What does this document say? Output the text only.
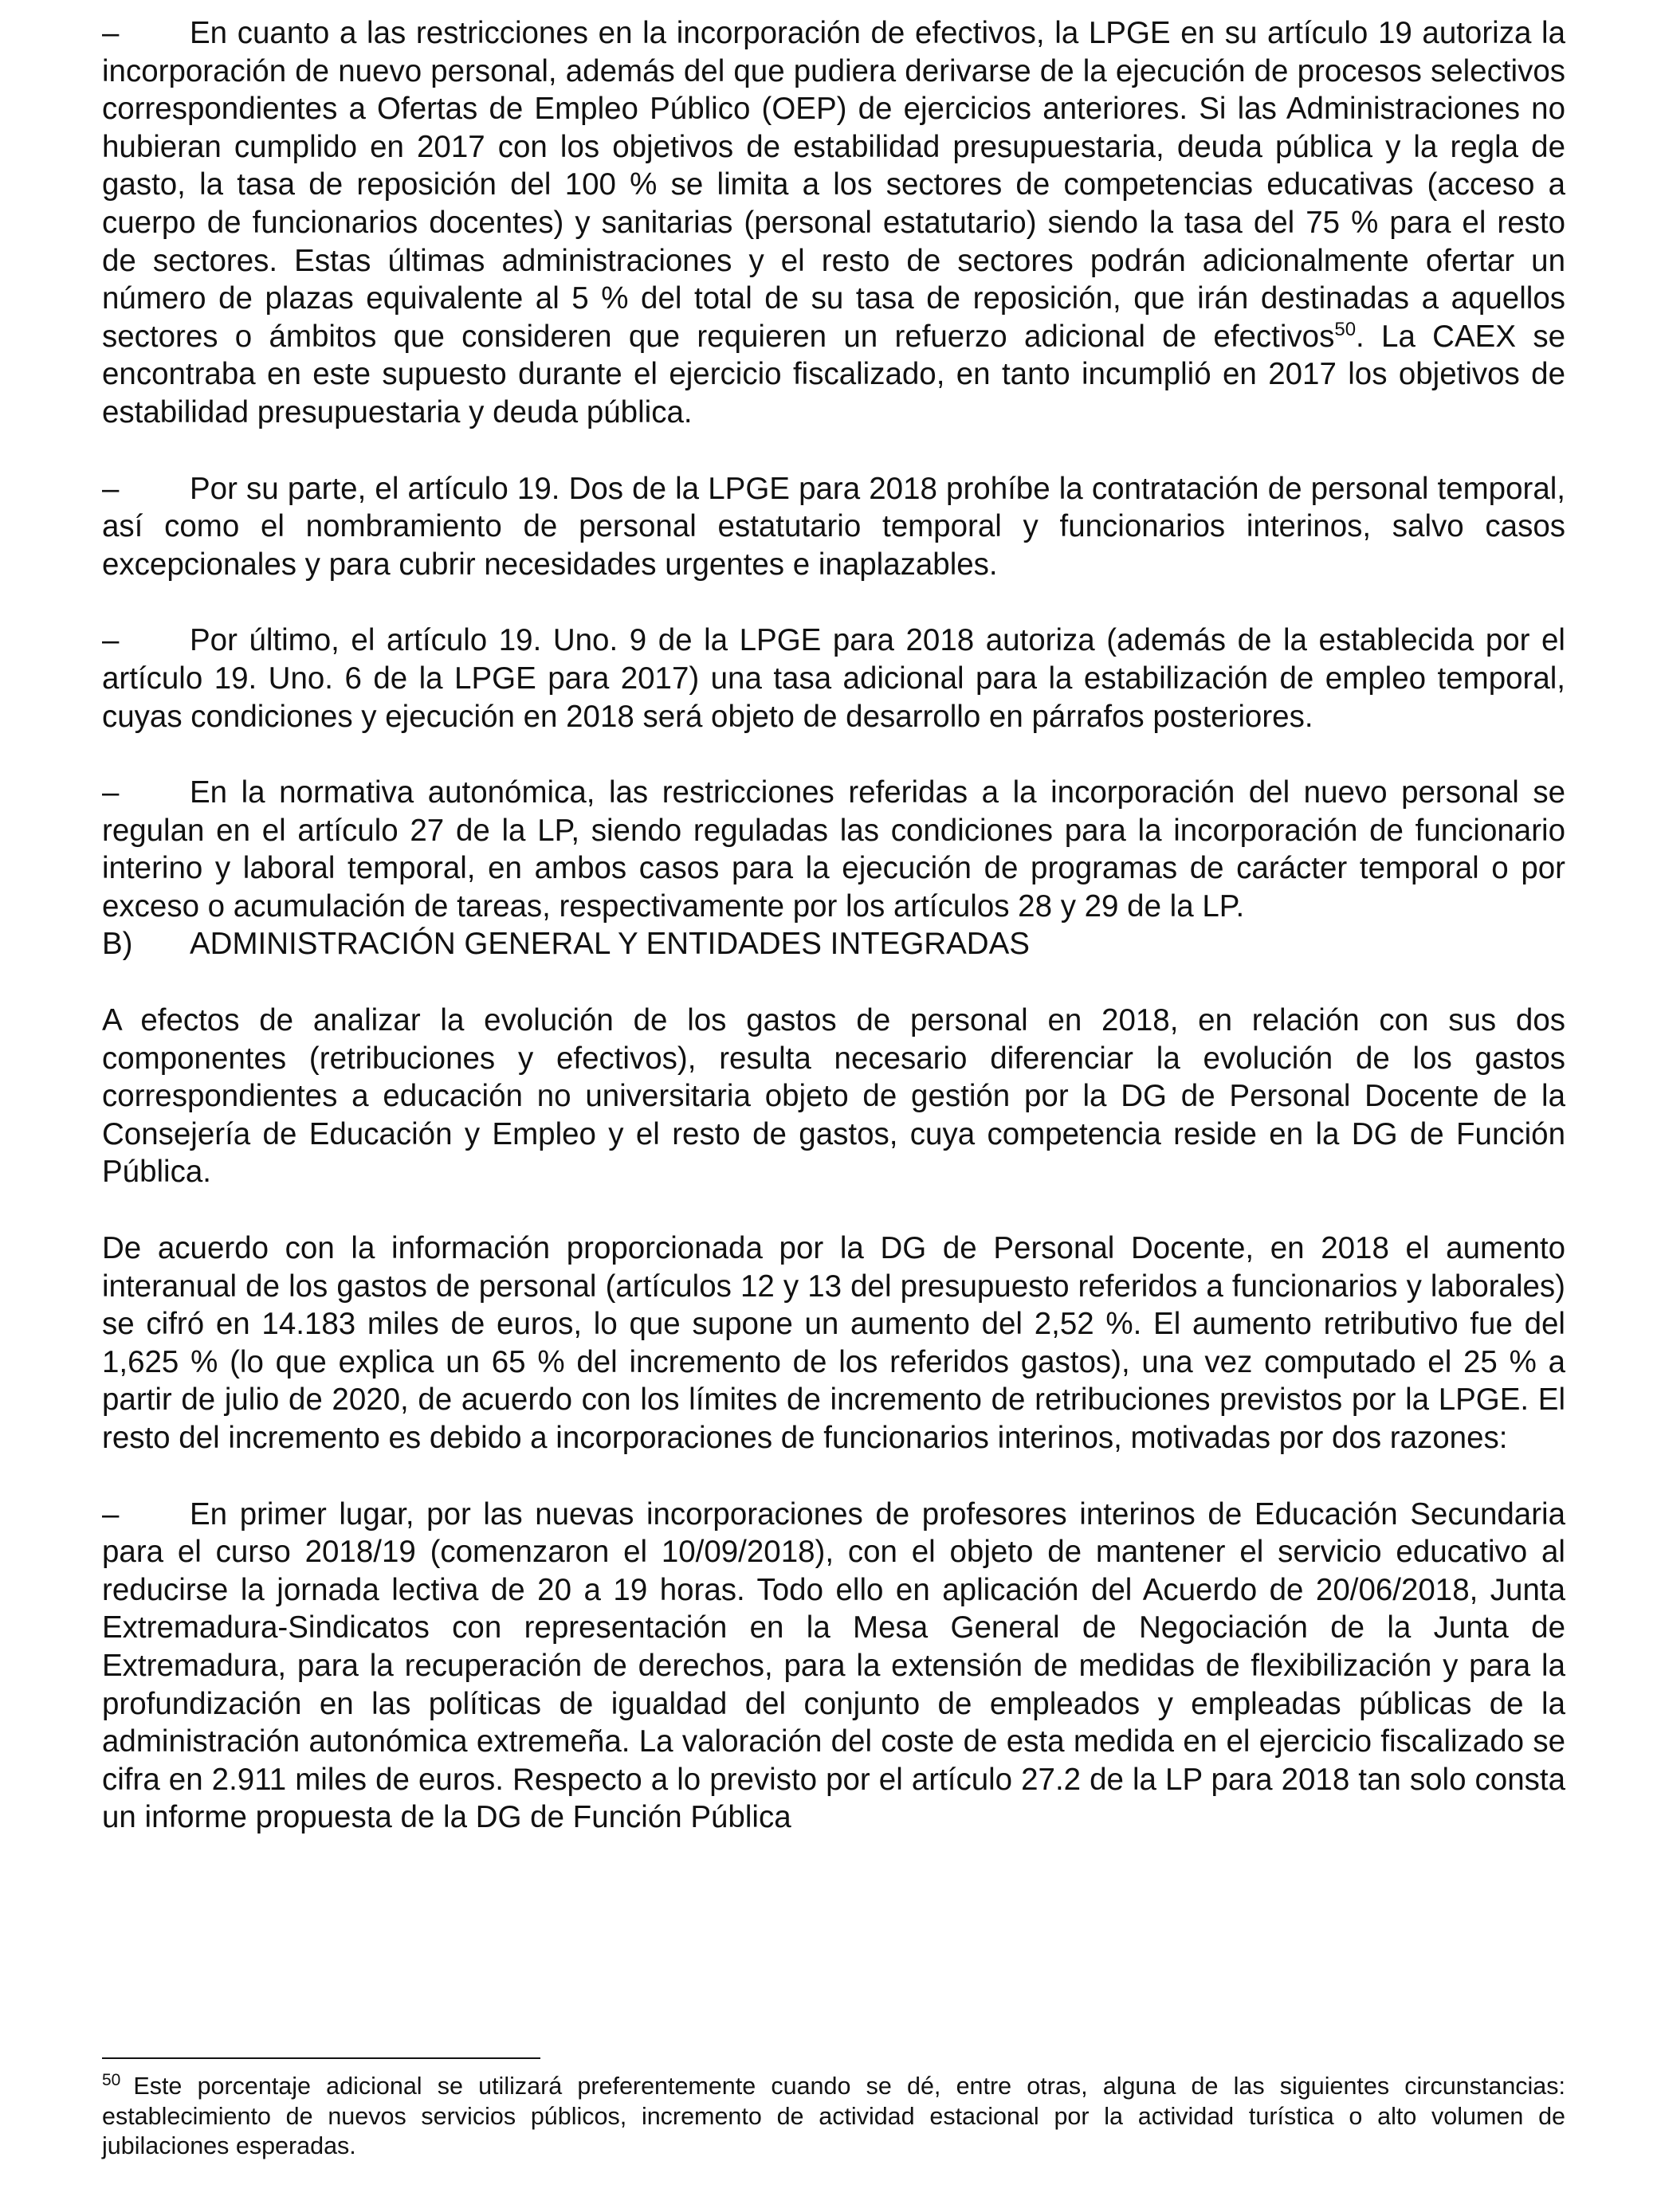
– En cuanto a las restricciones en la incorporación de efectivos, la LPGE en su artículo 19 autoriza la incorporación de nuevo personal, además del que pudiera derivarse de la ejecución de procesos selectivos correspondientes a Ofertas de Empleo Público (OEP) de ejercicios anteriores. Si las Administraciones no hubieran cumplido en 2017 con los objetivos de estabilidad presupuestaria, deuda pública y la regla de gasto, la tasa de reposición del 100 % se limita a los sectores de competencias educativas (acceso a cuerpo de funcionarios docentes) y sanitarias (personal estatutario) siendo la tasa del 75 % para el resto de sectores. Estas últimas administraciones y el resto de sectores podrán adicionalmente ofertar un número de plazas equivalente al 5 % del total de su tasa de reposición, que irán destinadas a aquellos sectores o ámbitos que consideren que requieren un refuerzo adicional de efectivos$^{50}$. La CAEX se encontraba en este supuesto durante el ejercicio fiscalizado, en tanto incumplió en 2017 los objetivos de estabilidad presupuestaria y deuda pública.

– Por su parte, el artículo 19. Dos de la LPGE para 2018 prohíbe la contratación de personal temporal, así como el nombramiento de personal estatutario temporal y funcionarios interinos, salvo casos excepcionales y para cubrir necesidades urgentes e inaplazables.

– Por último, el artículo 19. Uno. 9 de la LPGE para 2018 autoriza (además de la establecida por el artículo 19. Uno. 6 de la LPGE para 2017) una tasa adicional para la estabilización de empleo temporal, cuyas condiciones y ejecución en 2018 será objeto de desarrollo en párrafos posteriores.

– En la normativa autonómica, las restricciones referidas a la incorporación del nuevo personal se regulan en el artículo 27 de la LP, siendo reguladas las condiciones para la incorporación de funcionario interino y laboral temporal, en ambos casos para la ejecución de programas de carácter temporal o por exceso o acumulación de tareas, respectivamente por los artículos 28 y 29 de la LP.

B) ADMINISTRACIÓN GENERAL Y ENTIDADES INTEGRADAS

A efectos de analizar la evolución de los gastos de personal en 2018, en relación con sus dos componentes (retribuciones y efectivos), resulta necesario diferenciar la evolución de los gastos correspondientes a educación no universitaria objeto de gestión por la DG de Personal Docente de la Consejería de Educación y Empleo y el resto de gastos, cuya competencia reside en la DG de Función Pública.

De acuerdo con la información proporcionada por la DG de Personal Docente, en 2018 el aumento interanual de los gastos de personal (artículos 12 y 13 del presupuesto referidos a funcionarios y laborales) se cifró en 14.183 miles de euros, lo que supone un aumento del 2,52 %. El aumento retributivo fue del 1,625 % (lo que explica un 65 % del incremento de los referidos gastos), una vez computado el 25 % a partir de julio de 2020, de acuerdo con los límites de incremento de retribuciones previstos por la LPGE. El resto del incremento es debido a incorporaciones de funcionarios interinos, motivadas por dos razones:

– En primer lugar, por las nuevas incorporaciones de profesores interinos de Educación Secundaria para el curso 2018/19 (comenzaron el 10/09/2018), con el objeto de mantener el servicio educativo al reducirse la jornada lectiva de 20 a 19 horas. Todo ello en aplicación del Acuerdo de 20/06/2018, Junta Extremadura-Sindicatos con representación en la Mesa General de Negociación de la Junta de Extremadura, para la recuperación de derechos, para la extensión de medidas de flexibilización y para la profundización en las políticas de igualdad del conjunto de empleados y empleadas públicas de la administración autonómica extremeña. La valoración del coste de esta medida en el ejercicio fiscalizado se cifra en 2.911 miles de euros. Respecto a lo previsto por el artículo 27.2 de la LP para 2018 tan solo consta un informe propuesta de la DG de Función Pública

$^{50}$ Este porcentaje adicional se utilizará preferentemente cuando se dé, entre otras, alguna de las siguientes circunstancias: establecimiento de nuevos servicios públicos, incremento de actividad estacional por la actividad turística o alto volumen de jubilaciones esperadas.
